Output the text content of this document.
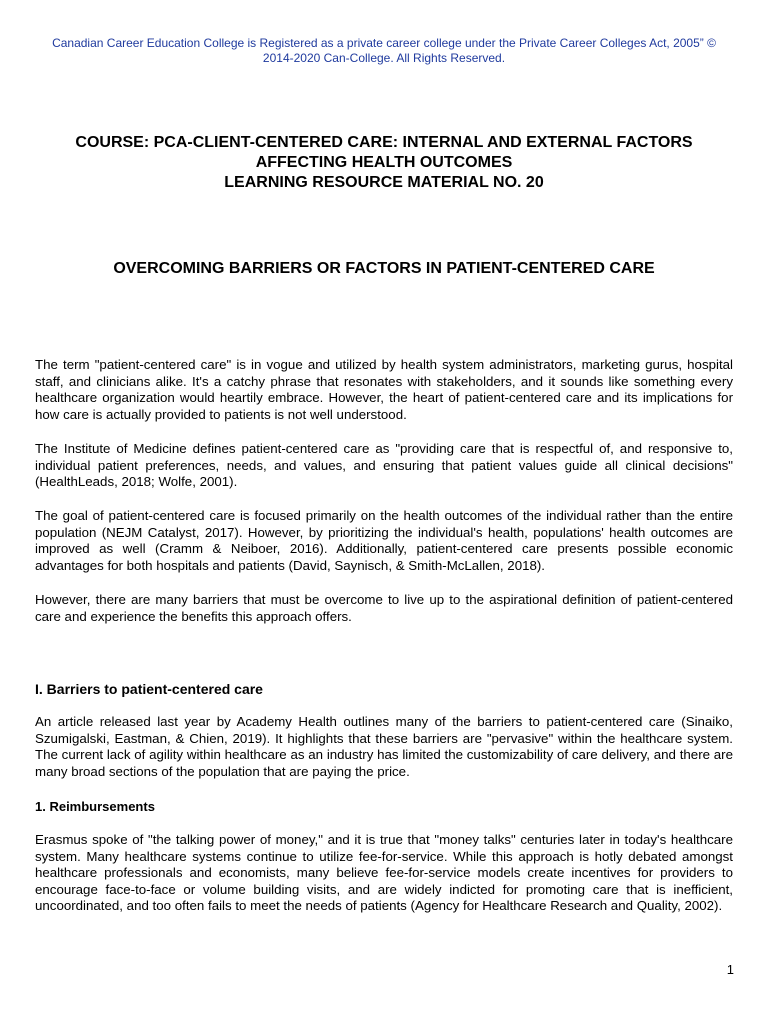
Canadian Career Education College is Registered as a private career college under the Private Career Colleges Act, 2005” ©
2014-2020 Can-College. All Rights Reserved.
COURSE: PCA-CLIENT-CENTERED CARE: INTERNAL AND EXTERNAL FACTORS
AFFECTING HEALTH OUTCOMES
LEARNING RESOURCE MATERIAL NO. 20
OVERCOMING BARRIERS OR FACTORS IN PATIENT-CENTERED CARE

The term "patient-centered care" is in vogue and utilized by health system administrators, marketing gurus, hospital staff, and clinicians alike. It's a catchy phrase that resonates with stakeholders, and it sounds like something every healthcare organization would heartily embrace. However, the heart of patient-centered care and its implications for how care is actually provided to patients is not well understood.

The Institute of Medicine defines patient-centered care as "providing care that is respectful of, and responsive to, individual patient preferences, needs, and values, and ensuring that patient values guide all clinical decisions" (HealthLeads, 2018; Wolfe, 2001).

The goal of patient-centered care is focused primarily on the health outcomes of the individual rather than the entire population (NEJM Catalyst, 2017). However, by prioritizing the individual's health, populations' health outcomes are improved as well (Cramm & Neiboer, 2016). Additionally, patient-centered care presents possible economic advantages for both hospitals and patients (David, Saynisch, & Smith-McLallen, 2018).

However, there are many barriers that must be overcome to live up to the aspirational definition of patient-centered care and experience the benefits this approach offers.

I. Barriers to patient-centered care

An article released last year by Academy Health outlines many of the barriers to patient-centered care (Sinaiko, Szumigalski, Eastman, & Chien, 2019). It highlights that these barriers are "pervasive" within the healthcare system. The current lack of agility within healthcare as an industry has limited the customizability of care delivery, and there are many broad sections of the population that are paying the price.

1. Reimbursements

Erasmus spoke of "the talking power of money," and it is true that "money talks" centuries later in today's healthcare system. Many healthcare systems continue to utilize fee-for-service. While this approach is hotly debated amongst healthcare professionals and economists, many believe fee-for-service models create incentives for providers to encourage face-to-face or volume building visits, and are widely indicted for promoting care that is inefficient, uncoordinated, and too often fails to meet the needs of patients (Agency for Healthcare Research and Quality, 2002).

1
